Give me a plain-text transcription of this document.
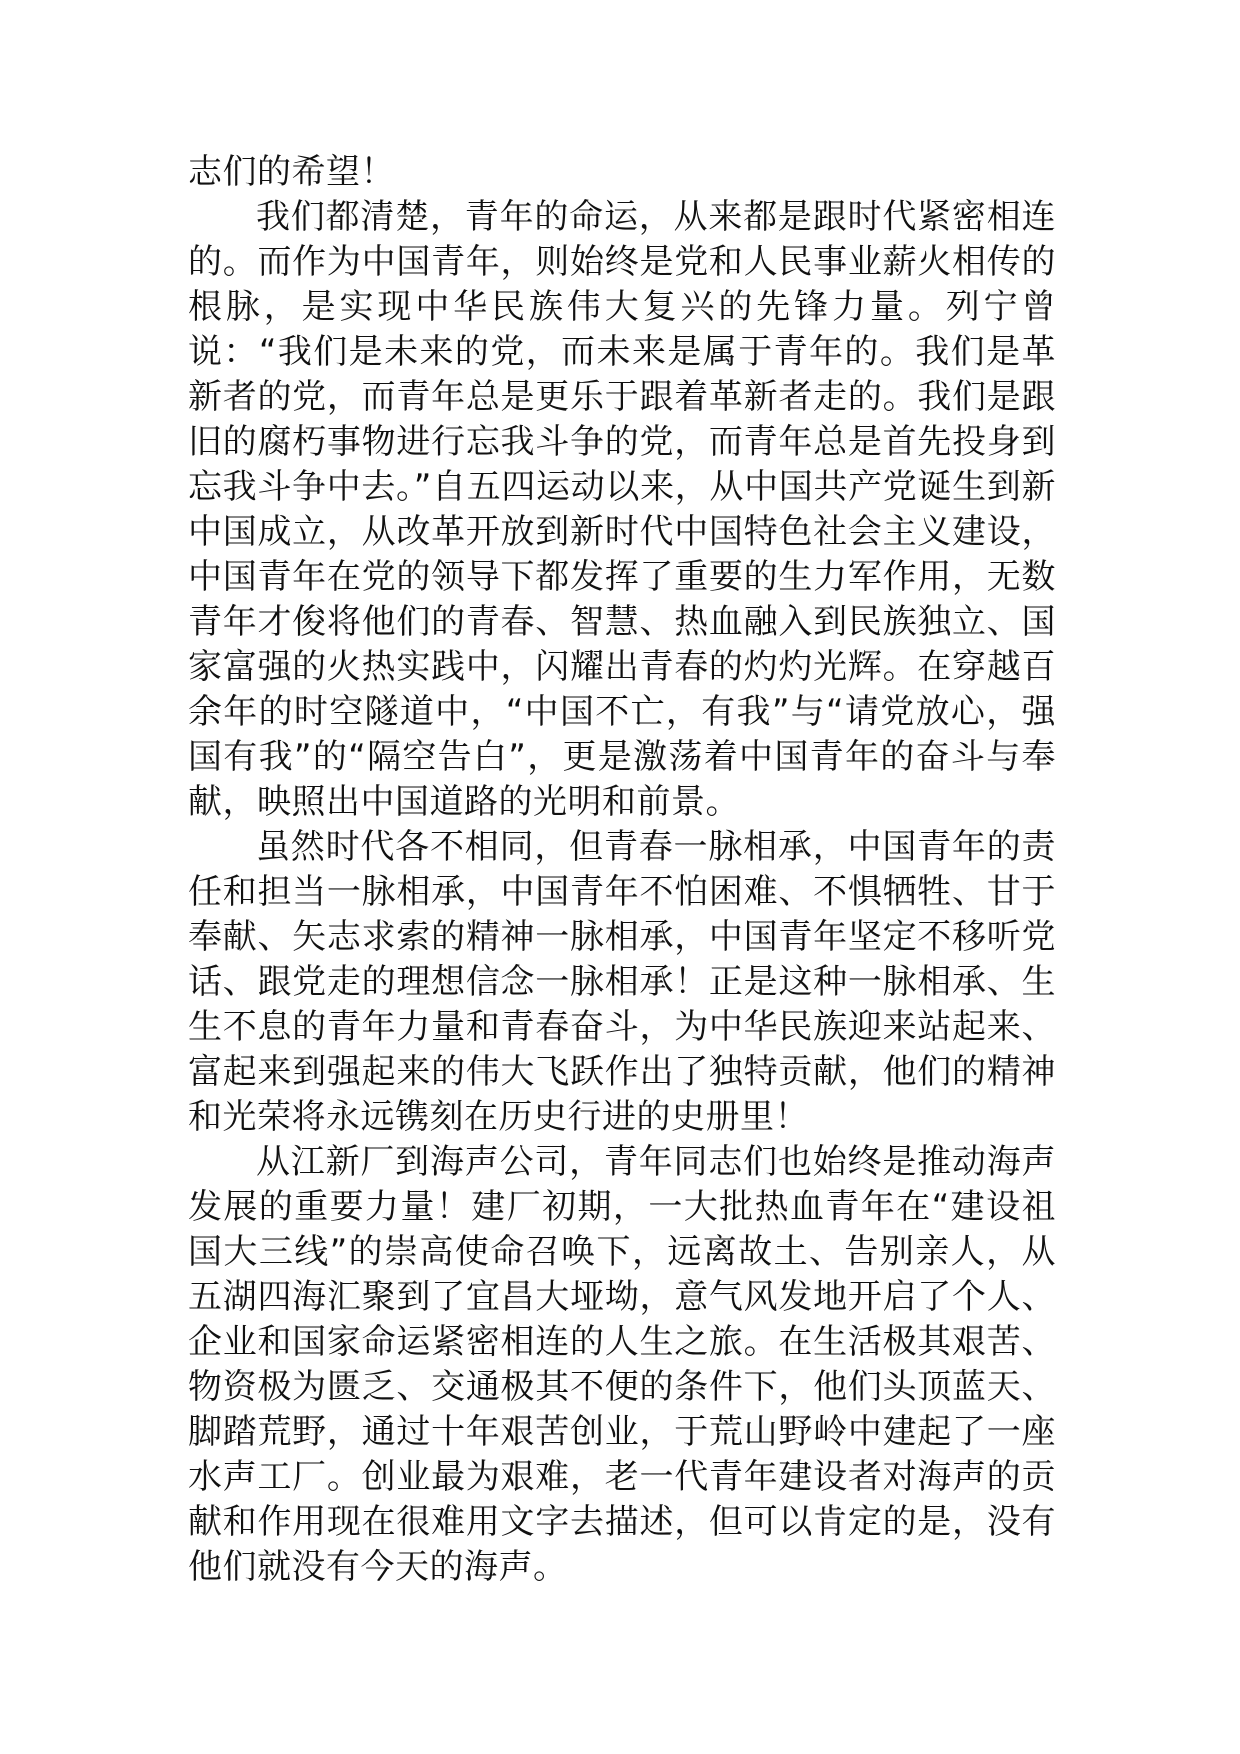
志们的希望！

我们都清楚，青年的命运，从来都是跟时代紧密相连的。而作为中国青年，则始终是党和人民事业薪火相传的根脉，是实现中华民族伟大复兴的先锋力量。列宁曾说：“我们是未来的党，而未来是属于青年的。我们是革新者的党，而青年总是更乐于跟着革新者走的。我们是跟旧的腐朽事物进行忘我斗争的党，而青年总是首先投身到忘我斗争中去。”自五四运动以来，从中国共产党诞生到新中国成立，从改革开放到新时代中国特色社会主义建设，中国青年在党的领导下都发挥了重要的生力军作用，无数青年才俊将他们的青春、智慧、热血融入到民族独立、国家富强的火热实践中，闪耀出青春的灼灼光辉。在穿越百余年的时空隧道中，“中国不亡，有我”与“请党放心，强国有我”的“隔空告白”，更是激荡着中国青年的奋斗与奉献，映照出中国道路的光明和前景。

虽然时代各不相同，但青春一脉相承，中国青年的责任和担当一脉相承，中国青年不怕困难、不惧牺牲、甘于奉献、矢志求索的精神一脉相承，中国青年坚定不移听党话、跟党走的理想信念一脉相承！正是这种一脉相承、生生不息的青年力量和青春奋斗，为中华民族迎来站起来、富起来到强起来的伟大飞跃作出了独特贡献，他们的精神和光荣将永远镌刻在历史行进的史册里！

从江新厂到海声公司，青年同志们也始终是推动海声发展的重要力量！建厂初期，一大批热血青年在“建设祖国大三线”的崇高使命召唤下，远离故土、告别亲人，从五湖四海汇聚到了宜昌大垭坳，意气风发地开启了个人、企业和国家命运紧密相连的人生之旅。在生活极其艰苦、物资极为匮乏、交通极其不便的条件下，他们头顶蓝天、脚踏荒野，通过十年艰苦创业，于荒山野岭中建起了一座水声工厂。创业最为艰难，老一代青年建设者对海声的贡献和作用现在很难用文字去描述，但可以肯定的是，没有他们就没有今天的海声。
